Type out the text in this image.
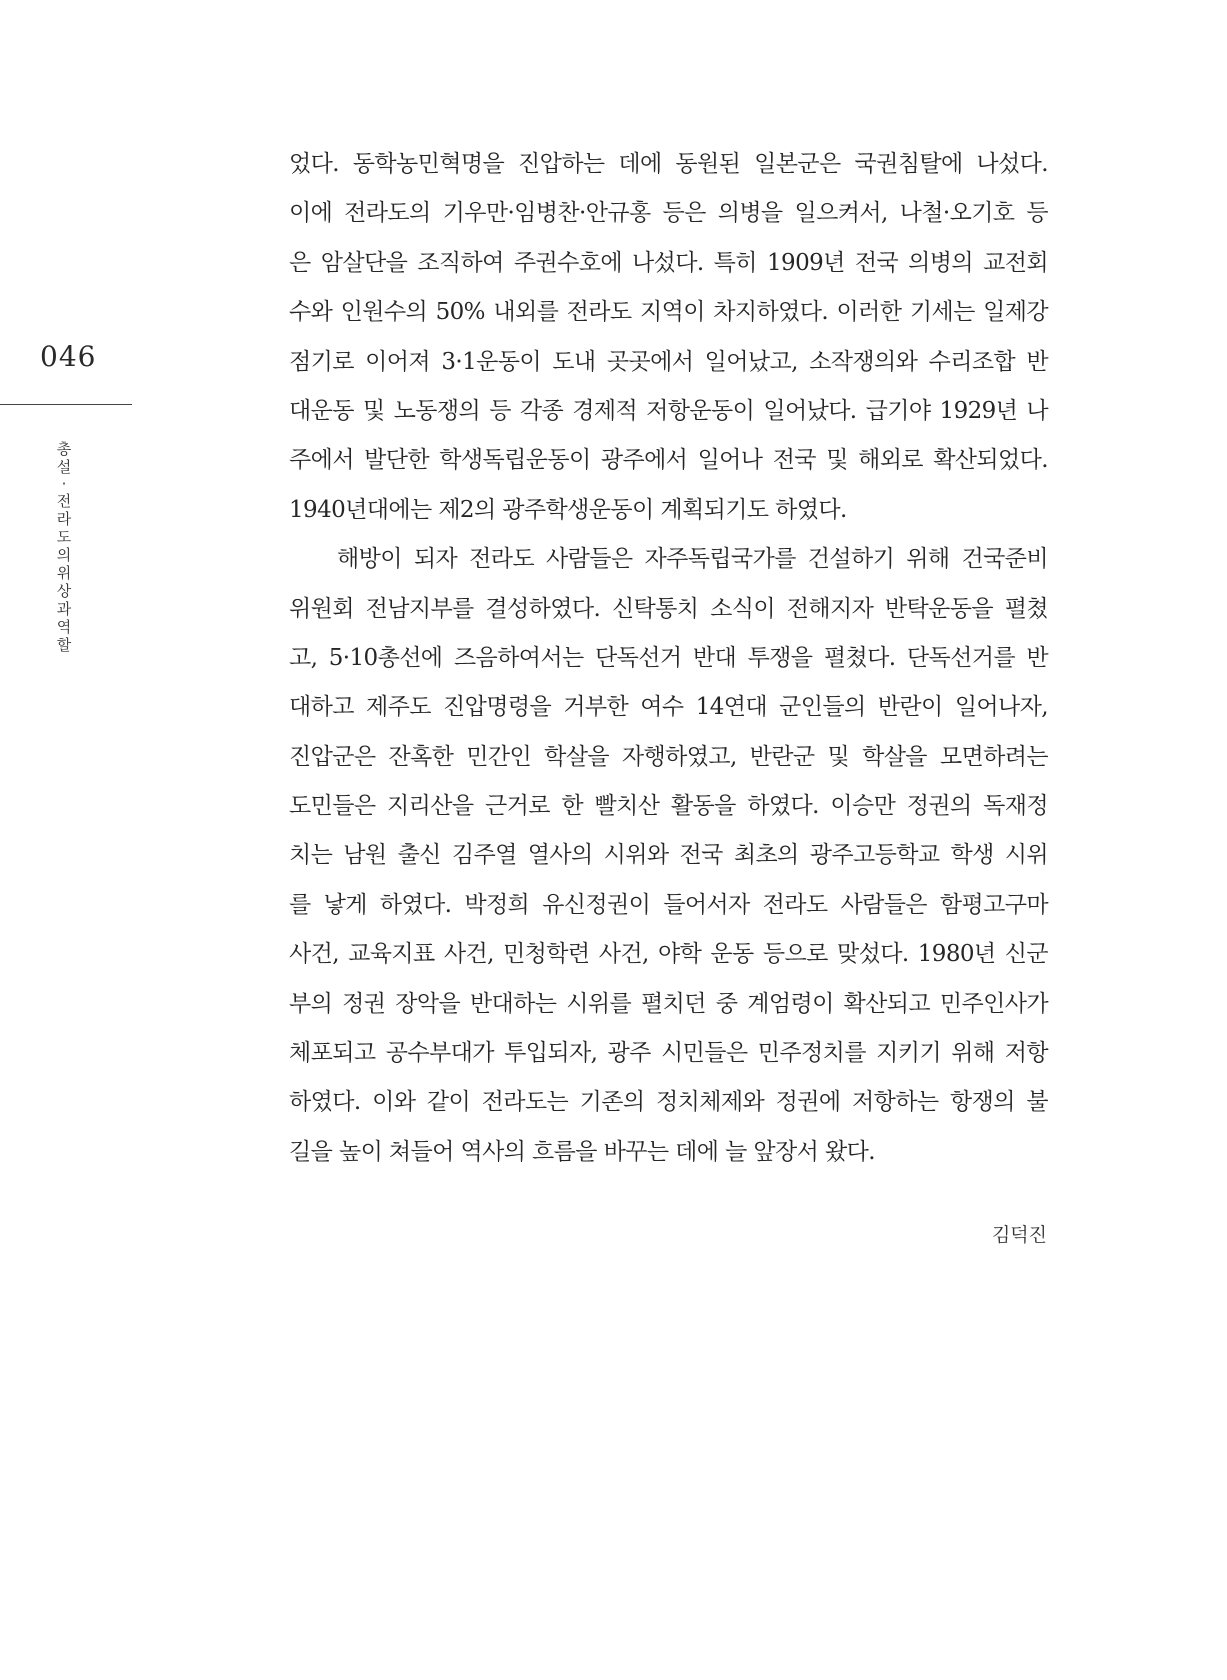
046
총
설
·
전
라
도
의
위
상
과
역
할
었다. 동학농민혁명을 진압하는 데에 동원된 일본군은 국권침탈에 나섰다.
이에 전라도의 기우만·임병찬·안규홍 등은 의병을 일으켜서, 나철·오기호 등
은 암살단을 조직하여 주권수호에 나섰다. 특히 1909년 전국 의병의 교전회
수와 인원수의 50% 내외를 전라도 지역이 차지하였다. 이러한 기세는 일제강
점기로 이어져 3·1운동이 도내 곳곳에서 일어났고, 소작쟁의와 수리조합 반
대운동 및 노동쟁의 등 각종 경제적 저항운동이 일어났다. 급기야 1929년 나
주에서 발단한 학생독립운동이 광주에서 일어나 전국 및 해외로 확산되었다.
1940년대에는 제2의 광주학생운동이 계획되기도 하였다.
해방이 되자 전라도 사람들은 자주독립국가를 건설하기 위해 건국준비
위원회 전남지부를 결성하였다. 신탁통치 소식이 전해지자 반탁운동을 펼쳤
고, 5·10총선에 즈음하여서는 단독선거 반대 투쟁을 펼쳤다. 단독선거를 반
대하고 제주도 진압명령을 거부한 여수 14연대 군인들의 반란이 일어나자,
진압군은 잔혹한 민간인 학살을 자행하였고, 반란군 및 학살을 모면하려는
도민들은 지리산을 근거로 한 빨치산 활동을 하였다. 이승만 정권의 독재정
치는 남원 출신 김주열 열사의 시위와 전국 최초의 광주고등학교 학생 시위
를 낳게 하였다. 박정희 유신정권이 들어서자 전라도 사람들은 함평고구마
사건, 교육지표 사건, 민청학련 사건, 야학 운동 등으로 맞섰다. 1980년 신군
부의 정권 장악을 반대하는 시위를 펼치던 중 계엄령이 확산되고 민주인사가
체포되고 공수부대가 투입되자, 광주 시민들은 민주정치를 지키기 위해 저항
하였다. 이와 같이 전라도는 기존의 정치체제와 정권에 저항하는 항쟁의 불
길을 높이 쳐들어 역사의 흐름을 바꾸는 데에 늘 앞장서 왔다.
김덕진
